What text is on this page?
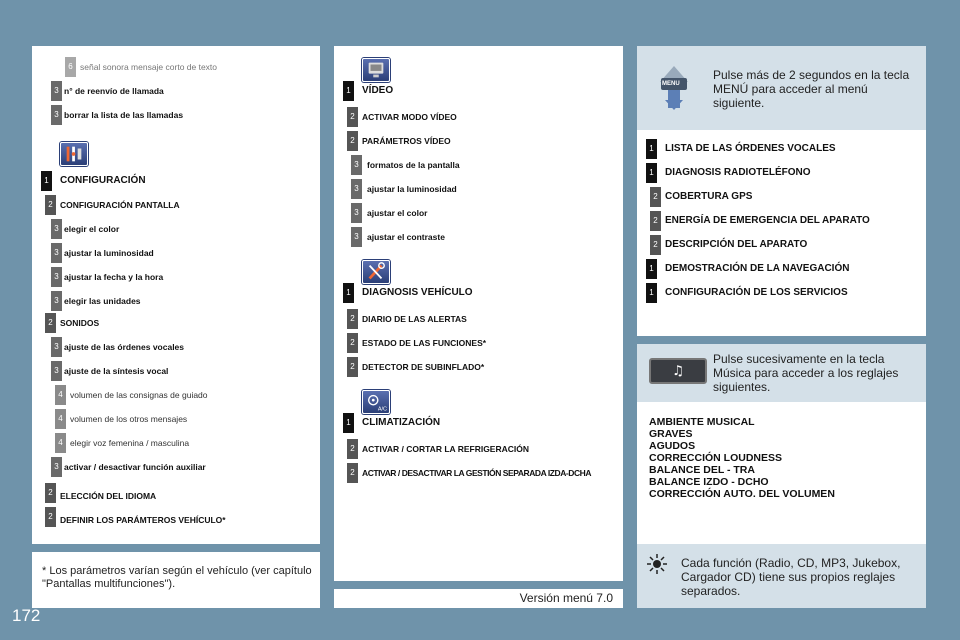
6 señal sonora mensaje corto de texto
3 n° de reenvío de llamada
3 borrar la lista de las llamadas
1	CONFIGURACIÓN
2 CONFIGURACIÓN PANTALLA
3 elegir el color
3 ajustar la luminosidad
3 ajustar la fecha y la hora
3 elegir las unidades
2 SONIDOS
3 ajuste de las órdenes vocales
3 ajuste de la síntesis vocal
4 volumen de las consignas de guiado
4 volumen de los otros mensajes
4 elegir voz femenina / masculina
3 activar / desactivar función auxiliar
2 ELECCIÓN DEL IDIOMA
2 DEFINIR LOS PARÁMTEROS VEHÍCULO*
* Los parámetros varían según el vehículo (ver capítulo "Pantallas multifunciones").
1	VÍDEO
2 ACTIVAR MODO VÍDEO
2 PARÁMETROS VÍDEO
3 formatos de la pantalla
3 ajustar la luminosidad
3 ajustar el color
3 ajustar el contraste
1	DIAGNOSIS VEHÍCULO
2 DIARIO DE LAS ALERTAS
2 ESTADO DE LAS FUNCIONES*
2 DETECTOR DE SUBINFLADO*
A/C
1	CLIMATIZACIÓN
2 ACTIVAR / CORTAR LA REFRIGERACIÓN
2 ACTIVAR / DESACTIVAR LA GESTIÓN SEPARADA IZDA-DCHA
Versión menú 7.0
MENU
Pulse más de 2 segundos en la tecla MENÚ para acceder al menú siguiente.
1	LISTA DE LAS ÓRDENES VOCALES
1	DIAGNOSIS RADIOTELÉFONO
2 COBERTURA GPS
2 ENERGÍA DE EMERGENCIA DEL APARATO
2 DESCRIPCIÓN DEL APARATO
1	DEMOSTRACIÓN DE LA NAVEGACIÓN
1	CONFIGURACIÓN DE LOS SERVICIOS
♫
Pulse sucesivamente en la tecla Música para acceder a los reglajes siguientes.
AMBIENTE MUSICAL
GRAVES
AGUDOS
CORRECCIÓN LOUDNESS
BALANCE DEL - TRA
BALANCE IZDO - DCHO
CORRECCIÓN AUTO. DEL VOLUMEN
Cada función (Radio, CD, MP3, Jukebox, Cargador CD) tiene sus propios reglajes separados.
172
